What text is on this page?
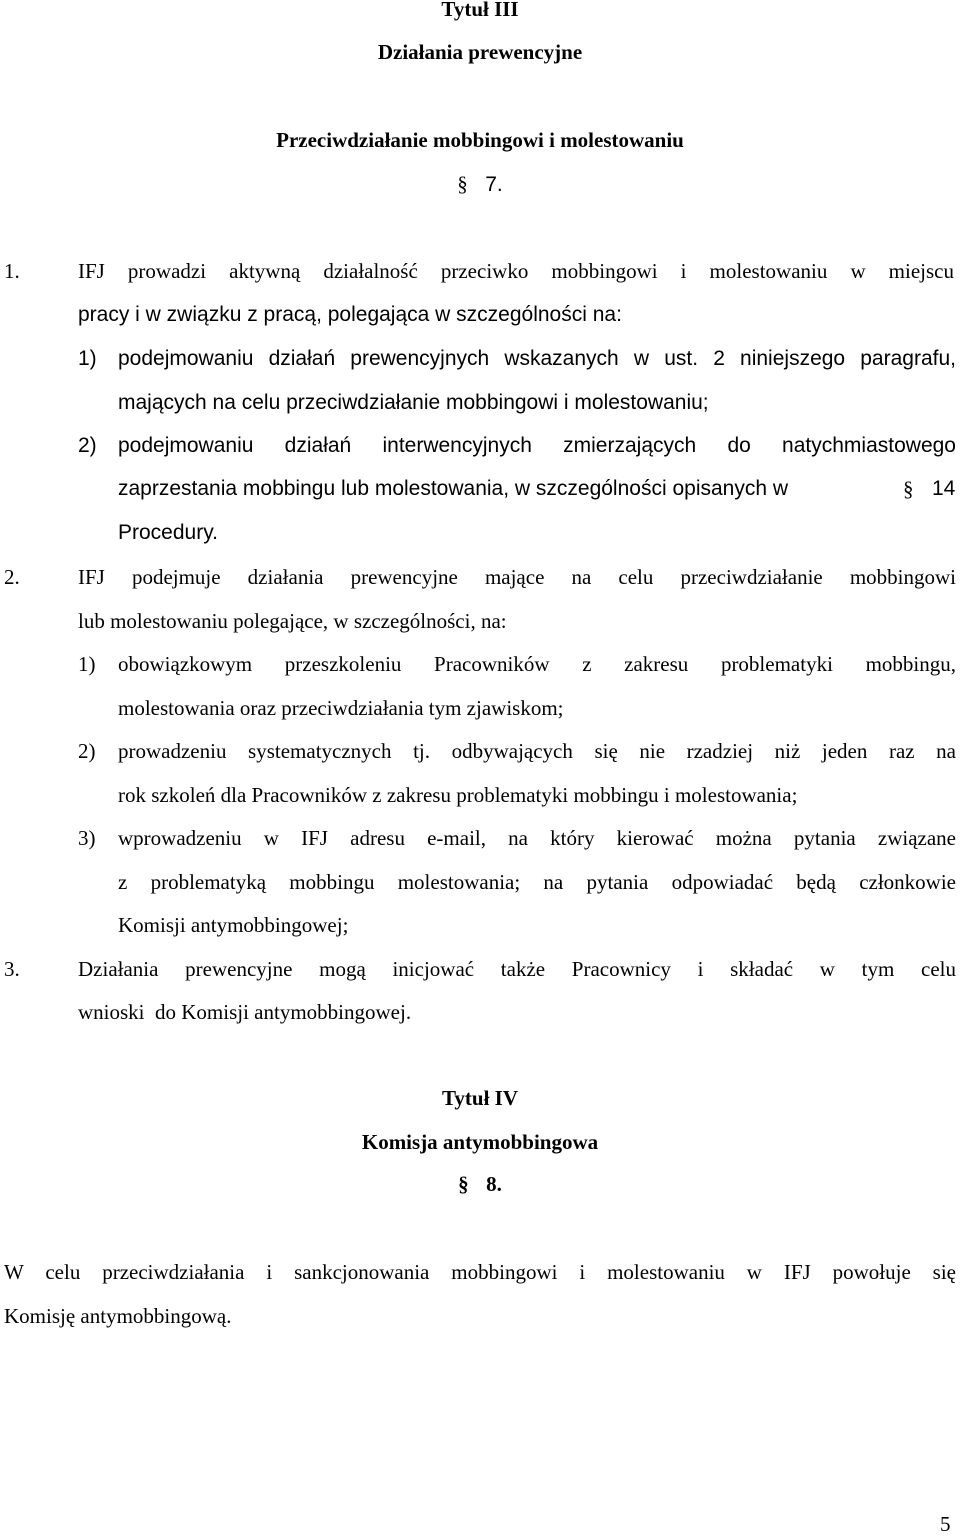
Tytuł III
Działania prewencyjne
Przeciwdziałanie mobbingowi i molestowaniu
§ 7.
1.	IFJ prowadzi aktywną działalność przeciwko mobbingowi i molestowaniu w miejscu
pracy i w związku z pracą, polegająca w szczególności na:
1) podejmowaniu działań prewencyjnych wskazanych w ust. 2 niniejszego paragrafu,
mających na celu przeciwdziałanie mobbingowi i molestowaniu;
2) podejmowaniu działań interwencyjnych zmierzających do natychmiastowego
zaprzestania mobbingu lub molestowania, w szczególności opisanych w	§ 14
Procedury.
2.	IFJ podejmuje działania prewencyjne mające na celu przeciwdziałanie mobbingowi
lub molestowaniu polegające, w szczególności, na:
1) obowiązkowym przeszkoleniu Pracowników z zakresu problematyki mobbingu,
molestowania oraz przeciwdziałania tym zjawiskom;
2) prowadzeniu systematycznych tj. odbywających się nie rzadziej niż jeden raz na
rok szkoleń dla Pracowników z zakresu problematyki mobbingu i molestowania;
3) wprowadzeniu w IFJ adresu e-mail, na który kierować można pytania związane
z problematyką mobbingu molestowania; na pytania odpowiadać będą członkowie
Komisji antymobbingowej;
3.	Działania prewencyjne mogą inicjować także Pracownicy i składać w tym celu
wnioski  do Komisji antymobbingowej.
Tytuł IV
Komisja antymobbingowa
§ 8.
W celu przeciwdziałania i sankcjonowania mobbingowi i molestowaniu w IFJ powołuje się
Komisję antymobbingową.
5
